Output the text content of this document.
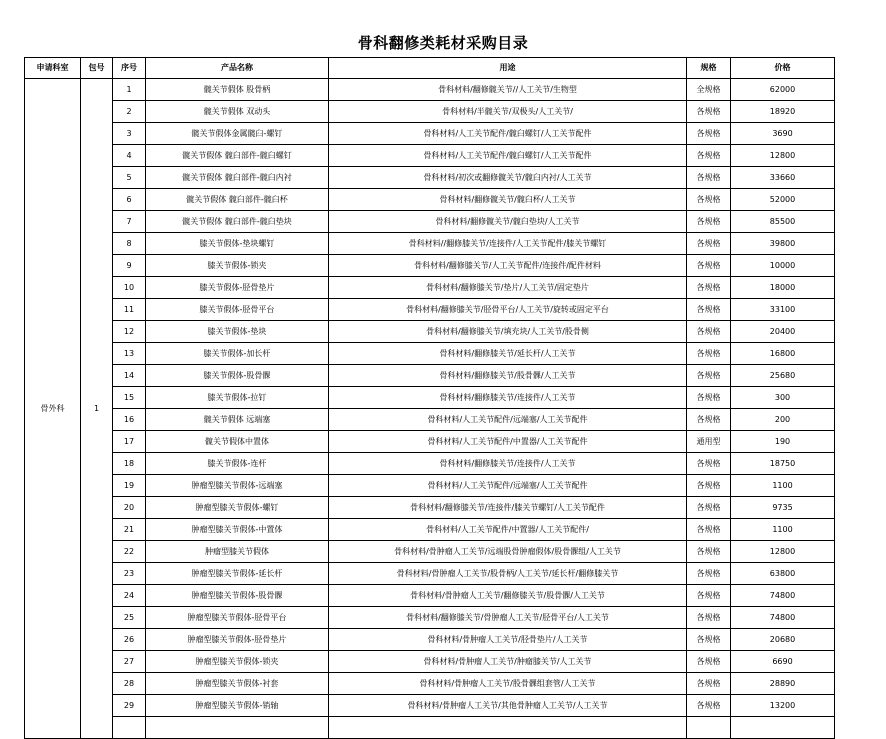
骨科翻修类耗材采购目录
申请科室	包号	序号	产品名称	用途	规格	价格
骨外科	1	1	髋关节假体 股骨柄	骨科材料/翻修髋关节//人工关节/生物型	全规格	62000
		2	髋关节假体 双动头	骨科材料/半髋关节/双极头/人工关节/	各规格	18920
		3	髋关节假体金属髋臼-螺钉	骨科材料/人工关节配件/髋臼螺钉/人工关节配件	各规格	3690
		4	髋关节假体 髋臼部件-髋臼螺钉	骨科材料/人工关节配件/髋臼螺钉/人工关节配件	各规格	12800
		5	髋关节假体 髋臼部件-髋臼内衬	骨科材料/初次或翻修髋关节/髋臼内衬/人工关节	各规格	33660
		6	髋关节假体 髋臼部件-髋臼杯	骨科材料/翻修髋关节/髋臼杯/人工关节	各规格	52000
		7	髋关节假体 髋臼部件-髋臼垫块	骨科材料/翻修髋关节/髋臼垫块/人工关节	各规格	85500
		8	膝关节假体-垫块螺钉	骨科材料//翻修膝关节/连接件/人工关节配件/膝关节螺钉	各规格	39800
		9	膝关节假体-锁夹	骨科材料/翻修膝关节/人工关节配件/连接件/配件材料	各规格	10000
		10	膝关节假体-胫骨垫片	骨科材料/翻修膝关节/垫片/人工关节/固定垫片	各规格	18000
		11	膝关节假体-胫骨平台	骨科材料/翻修膝关节/胫骨平台/人工关节/旋转或固定平台	各规格	33100
		12	膝关节假体-垫块	骨科材料/翻修膝关节/填充块/人工关节/股骨侧	各规格	20400
		13	膝关节假体-加长杆	骨科材料/翻修膝关节/延长杆/人工关节	各规格	16800
		14	膝关节假体-股骨髁	骨科材料/翻修膝关节/股骨髁/人工关节	各规格	25680
		15	膝关节假体-拉钉	骨科材料/翻修膝关节/连接件/人工关节	各规格	300
		16	髋关节假体 远端塞	骨科材料/人工关节配件/远端塞/人工关节配件	各规格	200
		17	髋关节假体中置体	骨科材料/人工关节配件/中置器/人工关节配件	通用型	190
		18	膝关节假体-连杆	骨科材料/翻修膝关节/连接件/人工关节	各规格	18750
		19	肿瘤型膝关节假体-远端塞	骨科材料/人工关节配件/远端塞/人工关节配件	各规格	1100
		20	肿瘤型膝关节假体-螺钉	骨科材料/翻修膝关节/连接件/膝关节螺钉/人工关节配件	各规格	9735
		21	肿瘤型膝关节假体-中置体	骨科材料/人工关节配件/中置器/人工关节配件/	各规格	1100
		22	肿瘤型膝关节假体	骨科材料/骨肿瘤人工关节/远端股骨肿瘤假体/股骨髁组/人工关节	各规格	12800
		23	肿瘤型膝关节假体-延长杆	骨科材料/骨肿瘤人工关节/股骨柄/人工关节/延长杆/翻修膝关节	各规格	63800
		24	肿瘤型膝关节假体-股骨髁	骨科材料/骨肿瘤人工关节/翻修膝关节/股骨髁/人工关节	各规格	74800
		25	肿瘤型膝关节假体-胫骨平台	骨科材料/翻修膝关节/骨肿瘤人工关节/胫骨平台/人工关节	各规格	74800
		26	肿瘤型膝关节假体-胫骨垫片	骨科材料/骨肿瘤人工关节/胫骨垫片/人工关节	各规格	20680
		27	肿瘤型膝关节假体-锁夹	骨科材料/骨肿瘤人工关节/肿瘤膝关节/人工关节	各规格	6690
		28	肿瘤型膝关节假体-衬套	骨科材料/骨肿瘤人工关节/股骨髁组套管/人工关节	各规格	28890
		29	肿瘤型膝关节假体-销轴	骨科材料/骨肿瘤人工关节/其他骨肿瘤人工关节/人工关节	各规格	13200
